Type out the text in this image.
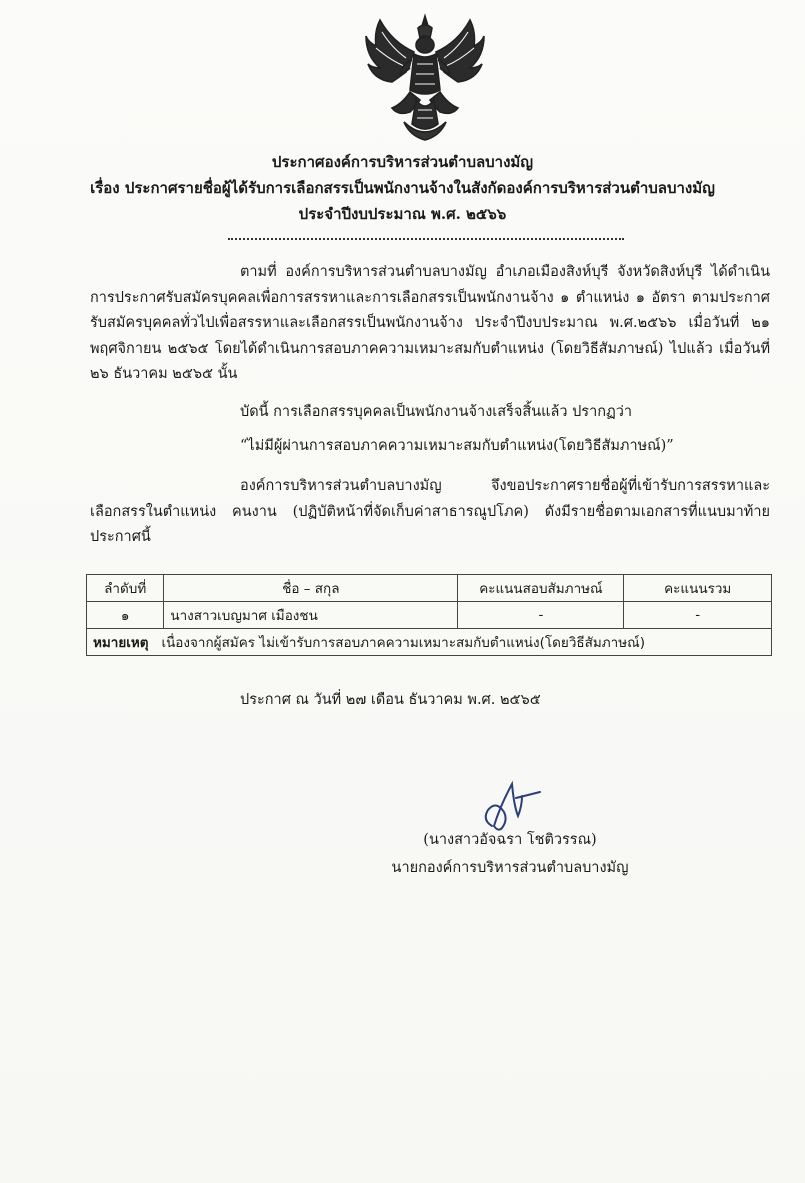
ประกาศองค์การบริหารส่วนตำบลบางมัญ
เรื่อง ประกาศรายชื่อผู้ได้รับการเลือกสรรเป็นพนักงานจ้างในสังกัดองค์การบริหารส่วนตำบลบางมัญ
ประจำปีงบประมาณ พ.ศ. ๒๕๖๖

ตามที่ องค์การบริหารส่วนตำบลบางมัญ อำเภอเมืองสิงห์บุรี จังหวัดสิงห์บุรี ได้ดำเนินการประกาศรับสมัครบุคคลเพื่อการสรรหาและการเลือกสรรเป็นพนักงานจ้าง ๑ ตำแหน่ง ๑ อัตรา ตามประกาศรับสมัครบุคคลทั่วไปเพื่อสรรหาและเลือกสรรเป็นพนักงานจ้าง ประจำปีงบประมาณ พ.ศ.๒๕๖๖ เมื่อวันที่ ๒๑ พฤศจิกายน ๒๕๖๕ โดยได้ดำเนินการสอบภาคความเหมาะสมกับตำแหน่ง (โดยวิธีสัมภาษณ์) ไปแล้ว เมื่อวันที่ ๒๖ ธันวาคม ๒๕๖๕ นั้น

บัดนี้ การเลือกสรรบุคคลเป็นพนักงานจ้างเสร็จสิ้นแล้ว ปรากฏว่า

“ไม่มีผู้ผ่านการสอบภาคความเหมาะสมกับตำแหน่ง(โดยวิธีสัมภาษณ์)”

องค์การบริหารส่วนตำบลบางมัญ จึงขอประกาศรายชื่อผู้ที่เข้ารับการสรรหาและเลือกสรรในตำแหน่ง คนงาน (ปฏิบัติหน้าที่จัดเก็บค่าสาธารณูปโภค) ดังมีรายชื่อตามเอกสารที่แนบมาท้ายประกาศนี้

ลำดับที่	ชื่อ – สกุล	คะแนนสอบสัมภาษณ์	คะแนนรวม
๑	นางสาวเบญมาศ เมืองชน	-	-
หมายเหตุ เนื่องจากผู้สมัคร ไม่เข้ารับการสอบภาคความเหมาะสมกับตำแหน่ง(โดยวิธีสัมภาษณ์)			
ประกาศ ณ วันที่ ๒๗ เดือน ธันวาคม พ.ศ. ๒๕๖๕
(นางสาวอัจฉรา โชติวรรณ)
นายกองค์การบริหารส่วนตำบลบางมัญ
